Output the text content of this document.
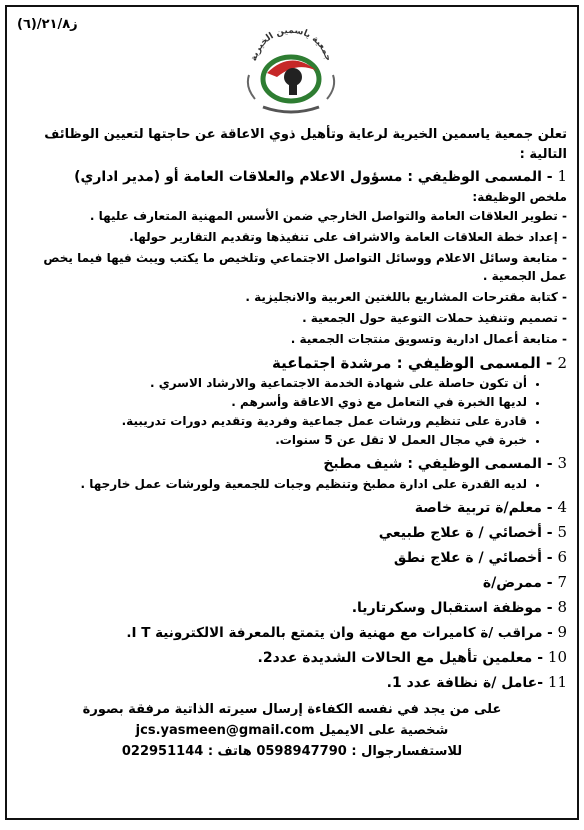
ز٢١/٨/(٦)
جمعية ياسمين الخيرية
تعلن جمعية ياسمين الخيرية لرعاية وتأهيل ذوي الاعاقة عن حاجتها لتعيين الوظائف التالية :
1 - المسمى الوظيفي : مسؤول الاعلام والعلاقات العامة أو (مدير اداري)
ملخص الوظيفة:
- تطوير العلاقات العامة والتواصل الخارجي ضمن الأسس المهنية المتعارف عليها .
- إعداد خطة العلاقات العامة والاشراف على تنفيذها وتقديم التقارير حولها.
- متابعة وسائل الاعلام ووسائل التواصل الاجتماعي وتلخيص ما يكتب ويبث فيها فيما يخص عمل الجمعية .
- كتابة مقترحات المشاريع باللغتين العربية والانجليزية .
- تصميم وتنفيذ حملات التوعية حول الجمعية .
- متابعة أعمال ادارية وتسويق منتجات الجمعية .
2 - المسمى الوظيفي : مرشدة اجتماعية
• أن تكون حاصلة على شهادة الخدمة الاجتماعية والارشاد الاسري .
• لديها الخبرة في التعامل مع ذوي الاعاقة وأسرهم .
• قادرة على تنظيم ورشات عمل جماعية وفردية وتقديم دورات تدريبية.
• خبرة في مجال العمل لا تقل عن 5 سنوات.
3 - المسمى الوظيفي : شيف مطبخ
• لديه القدرة على ادارة مطبخ وتنظيم وجبات للجمعية ولورشات عمل خارجها .
4 - معلم/ة تربية خاصة
5 - أخصائي / ة علاج طبيعي
6 - أخصائي / ة علاج نطق
7 - ممرض/ة
8 - موظفة استقبال وسكرتاريا.
9 - مراقب /ة كاميرات مع مهنية وان يتمتع بالمعرفة الالكترونية I T.
10 - معلمين تأهيل مع الحالات الشديدة عدد2.
11 -عامل /ة نظافة عدد 1.
على من يجد في نفسه الكفاءة إرسال سيرته الذاتية مرفقة بصورة
شخصية على الايميل jcs.yasmeen@gmail.com
للاستفسارجوال : 0598947790 هاتف : 022951144
